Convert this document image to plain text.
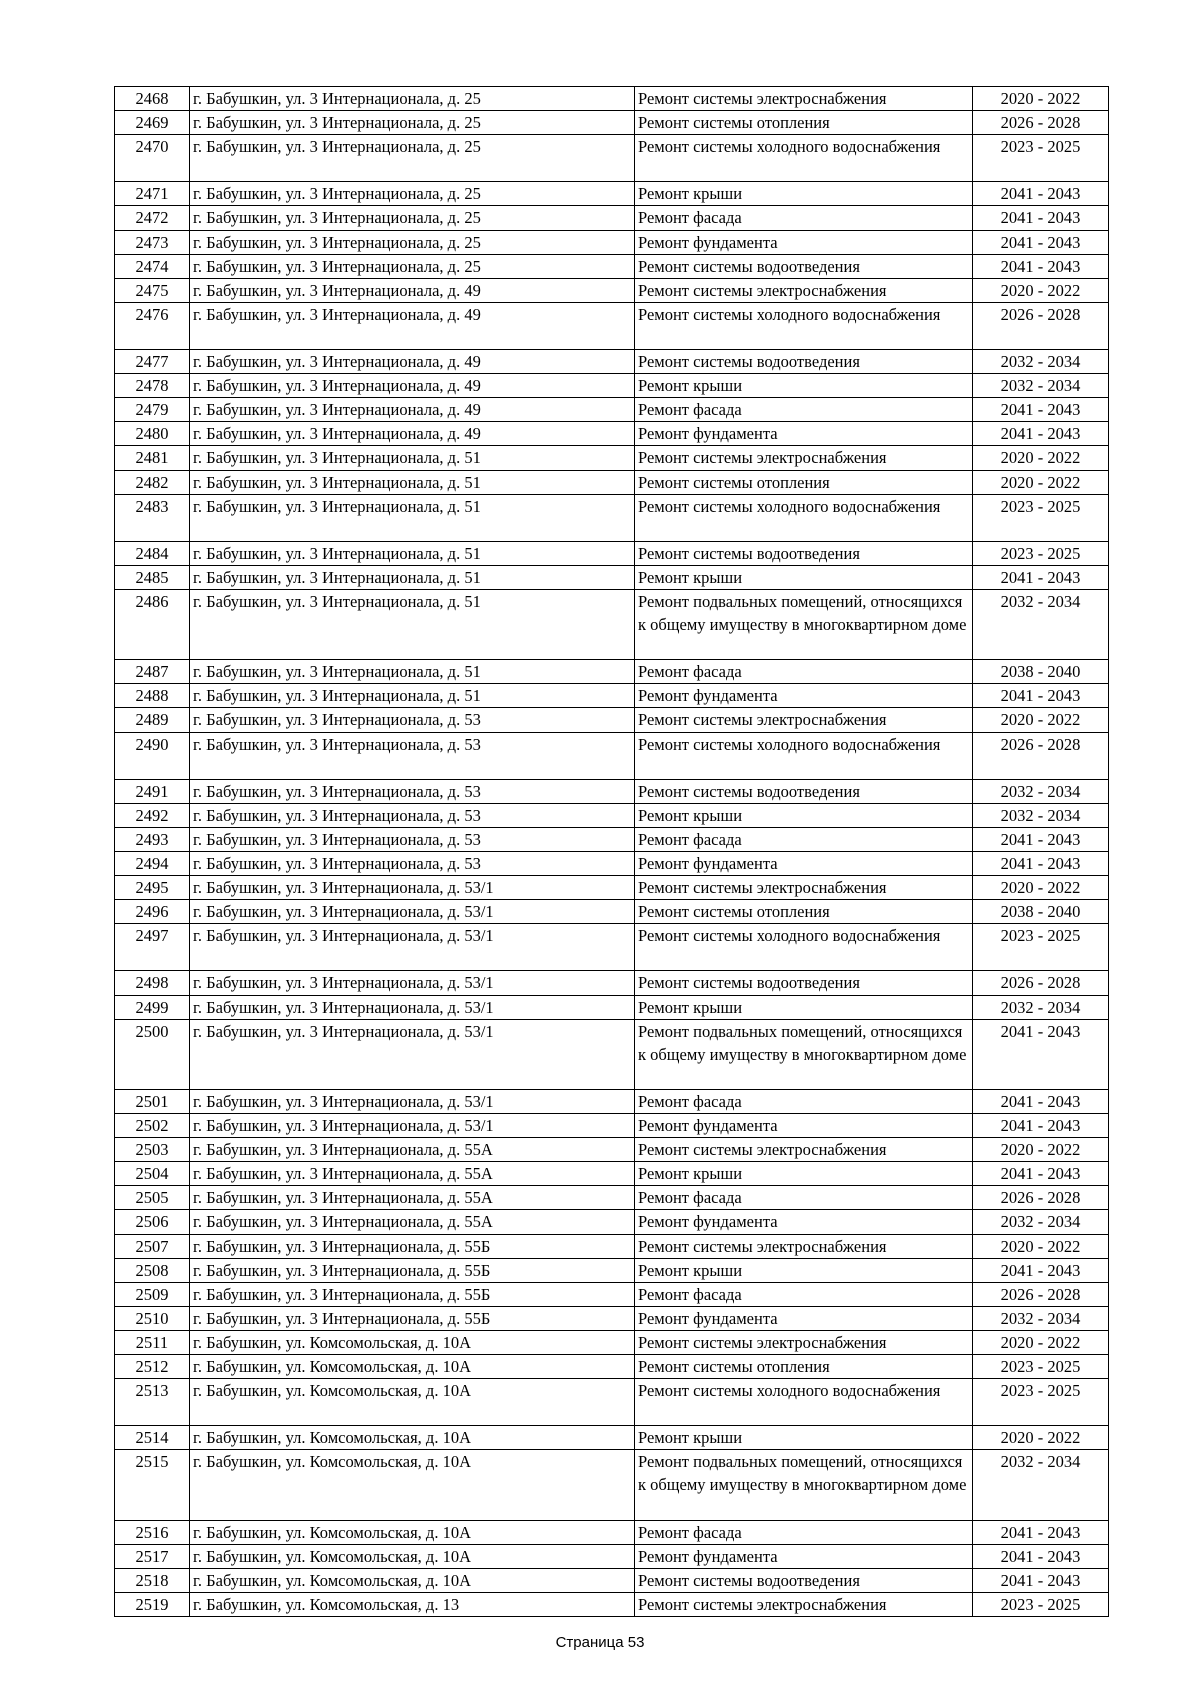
2468	г. Бабушкин, ул. 3 Интернационала, д. 25	Ремонт системы электроснабжения	2020 - 2022
2469	г. Бабушкин, ул. 3 Интернационала, д. 25	Ремонт системы отопления	2026 - 2028
2470	г. Бабушкин, ул. 3 Интернационала, д. 25	Ремонт системы холодного водоснабжения	2023 - 2025
2471	г. Бабушкин, ул. 3 Интернационала, д. 25	Ремонт крыши	2041 - 2043
2472	г. Бабушкин, ул. 3 Интернационала, д. 25	Ремонт фасада	2041 - 2043
2473	г. Бабушкин, ул. 3 Интернационала, д. 25	Ремонт фундамента	2041 - 2043
2474	г. Бабушкин, ул. 3 Интернационала, д. 25	Ремонт системы водоотведения	2041 - 2043
2475	г. Бабушкин, ул. 3 Интернационала, д. 49	Ремонт системы электроснабжения	2020 - 2022
2476	г. Бабушкин, ул. 3 Интернационала, д. 49	Ремонт системы холодного водоснабжения	2026 - 2028
2477	г. Бабушкин, ул. 3 Интернационала, д. 49	Ремонт системы водоотведения	2032 - 2034
2478	г. Бабушкин, ул. 3 Интернационала, д. 49	Ремонт крыши	2032 - 2034
2479	г. Бабушкин, ул. 3 Интернационала, д. 49	Ремонт фасада	2041 - 2043
2480	г. Бабушкин, ул. 3 Интернационала, д. 49	Ремонт фундамента	2041 - 2043
2481	г. Бабушкин, ул. 3 Интернационала, д. 51	Ремонт системы электроснабжения	2020 - 2022
2482	г. Бабушкин, ул. 3 Интернационала, д. 51	Ремонт системы отопления	2020 - 2022
2483	г. Бабушкин, ул. 3 Интернационала, д. 51	Ремонт системы холодного водоснабжения	2023 - 2025
2484	г. Бабушкин, ул. 3 Интернационала, д. 51	Ремонт системы водоотведения	2023 - 2025
2485	г. Бабушкин, ул. 3 Интернационала, д. 51	Ремонт крыши	2041 - 2043
2486	г. Бабушкин, ул. 3 Интернационала, д. 51	Ремонт подвальных помещений, относящихся к общему имуществу в многоквартирном доме	2032 - 2034
2487	г. Бабушкин, ул. 3 Интернационала, д. 51	Ремонт фасада	2038 - 2040
2488	г. Бабушкин, ул. 3 Интернационала, д. 51	Ремонт фундамента	2041 - 2043
2489	г. Бабушкин, ул. 3 Интернационала, д. 53	Ремонт системы электроснабжения	2020 - 2022
2490	г. Бабушкин, ул. 3 Интернационала, д. 53	Ремонт системы холодного водоснабжения	2026 - 2028
2491	г. Бабушкин, ул. 3 Интернационала, д. 53	Ремонт системы водоотведения	2032 - 2034
2492	г. Бабушкин, ул. 3 Интернационала, д. 53	Ремонт крыши	2032 - 2034
2493	г. Бабушкин, ул. 3 Интернационала, д. 53	Ремонт фасада	2041 - 2043
2494	г. Бабушкин, ул. 3 Интернационала, д. 53	Ремонт фундамента	2041 - 2043
2495	г. Бабушкин, ул. 3 Интернационала, д. 53/1	Ремонт системы электроснабжения	2020 - 2022
2496	г. Бабушкин, ул. 3 Интернационала, д. 53/1	Ремонт системы отопления	2038 - 2040
2497	г. Бабушкин, ул. 3 Интернационала, д. 53/1	Ремонт системы холодного водоснабжения	2023 - 2025
2498	г. Бабушкин, ул. 3 Интернационала, д. 53/1	Ремонт системы водоотведения	2026 - 2028
2499	г. Бабушкин, ул. 3 Интернационала, д. 53/1	Ремонт крыши	2032 - 2034
2500	г. Бабушкин, ул. 3 Интернационала, д. 53/1	Ремонт подвальных помещений, относящихся к общему имуществу в многоквартирном доме	2041 - 2043
2501	г. Бабушкин, ул. 3 Интернационала, д. 53/1	Ремонт фасада	2041 - 2043
2502	г. Бабушкин, ул. 3 Интернационала, д. 53/1	Ремонт фундамента	2041 - 2043
2503	г. Бабушкин, ул. 3 Интернационала, д. 55А	Ремонт системы электроснабжения	2020 - 2022
2504	г. Бабушкин, ул. 3 Интернационала, д. 55А	Ремонт крыши	2041 - 2043
2505	г. Бабушкин, ул. 3 Интернационала, д. 55А	Ремонт фасада	2026 - 2028
2506	г. Бабушкин, ул. 3 Интернационала, д. 55А	Ремонт фундамента	2032 - 2034
2507	г. Бабушкин, ул. 3 Интернационала, д. 55Б	Ремонт системы электроснабжения	2020 - 2022
2508	г. Бабушкин, ул. 3 Интернационала, д. 55Б	Ремонт крыши	2041 - 2043
2509	г. Бабушкин, ул. 3 Интернационала, д. 55Б	Ремонт фасада	2026 - 2028
2510	г. Бабушкин, ул. 3 Интернационала, д. 55Б	Ремонт фундамента	2032 - 2034
2511	г. Бабушкин, ул. Комсомольская, д. 10А	Ремонт системы электроснабжения	2020 - 2022
2512	г. Бабушкин, ул. Комсомольская, д. 10А	Ремонт системы отопления	2023 - 2025
2513	г. Бабушкин, ул. Комсомольская, д. 10А	Ремонт системы холодного водоснабжения	2023 - 2025
2514	г. Бабушкин, ул. Комсомольская, д. 10А	Ремонт крыши	2020 - 2022
2515	г. Бабушкин, ул. Комсомольская, д. 10А	Ремонт подвальных помещений, относящихся к общему имуществу в многоквартирном доме	2032 - 2034
2516	г. Бабушкин, ул. Комсомольская, д. 10А	Ремонт фасада	2041 - 2043
2517	г. Бабушкин, ул. Комсомольская, д. 10А	Ремонт фундамента	2041 - 2043
2518	г. Бабушкин, ул. Комсомольская, д. 10А	Ремонт системы водоотведения	2041 - 2043
2519	г. Бабушкин, ул. Комсомольская, д. 13	Ремонт системы электроснабжения	2023 - 2025
Страница 53
